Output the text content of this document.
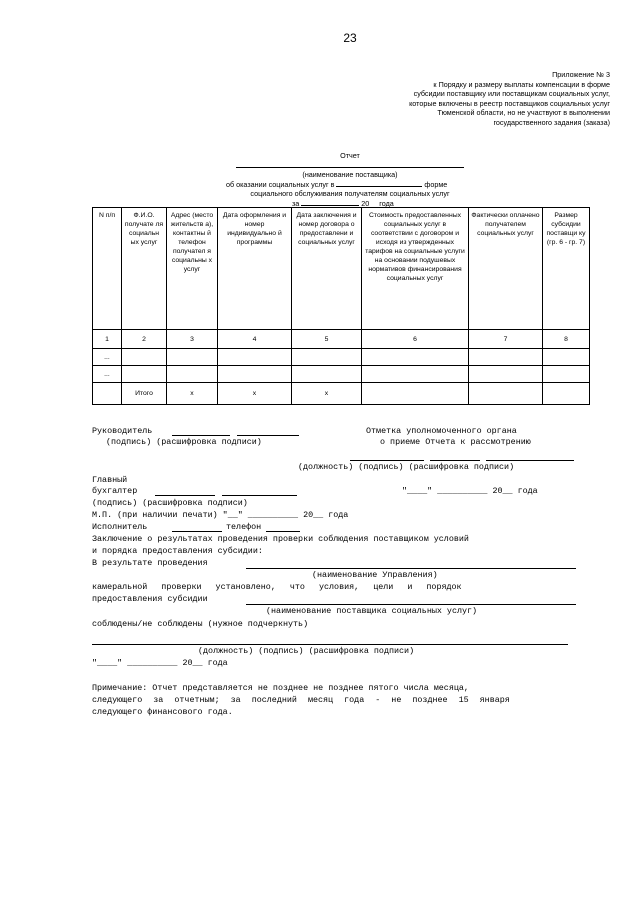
23
Приложение № 3
к Порядку и размеру выплаты компенсации в форме
субсидии поставщику или поставщикам социальных услуг,
которые включены в реестр поставщиков социальных услуг
Тюменской области, но не участвуют в выполнении
государственного задания (заказа)
Отчет
(наименование поставщика)
об оказании социальных услуг в	форме
социального обслуживания получателям социальных услуг
за	20__ года
N п/п	Ф.И.О. получате ля социальн ых услуг	Адрес (место жительств а), контактны й телефон получател я социальны х услуг	Дата оформления и номер индивидуально й программы	Дата заключения и номер договора о предоставлени и социальных услуг	Стоимость предоставленных социальных услуг в соответствии с договором и исходя из утвержденных тарифов на социальные услуги на основании подушевых нормативов финансирования социальных услуг	Фактически оплачено получателем социальных услуг	Размер субсидии поставщи ку (гр. 6 - гр. 7)
1	2	3	4	5	6	7	8
...							
...							
	Итого	х	х	х			
Руководитель
(подпись) (расшифровка подписи)
Отметка уполномоченного органа
о приеме Отчета к рассмотрению
(должность) (подпись) (расшифровка подписи)
Главный
бухгалтер	"____" __________ 20__ года
(подпись) (расшифровка подписи)
М.П. (при наличии печати) "__" __________ 20__ года
Исполнитель	телефон
Заключение о результатах проведения проверки соблюдения поставщиком условий
и порядка предоставления субсидии:
В результате проведения
(наименование Управления)
камеральной проверки установлено, что условия, цели и порядок
предоставления субсидии
(наименование поставщика социальных услуг)
соблюдены/не соблюдены (нужное подчеркнуть)
(должность) (подпись) (расшифровка подписи)
"____" __________ 20__ года
Примечание: Отчет представляется не позднее не позднее пятого числа месяца,
следующего за отчетным; за последний месяц года - не позднее 15 января
следующего финансового года.
